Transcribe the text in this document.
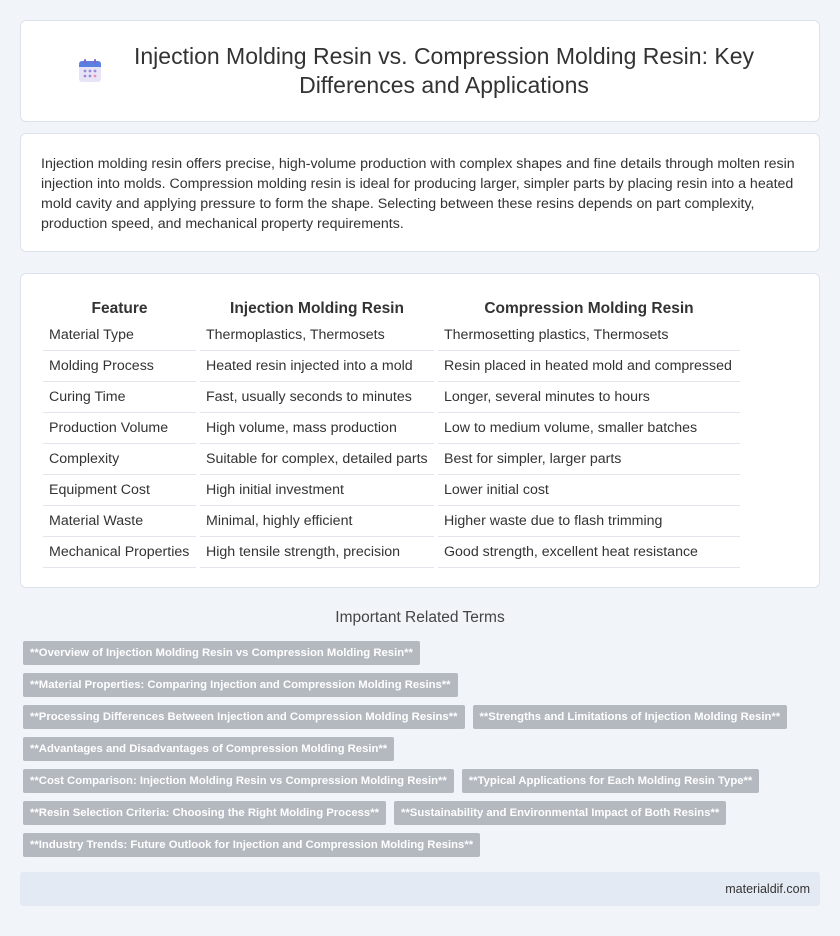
Injection Molding Resin vs. Compression Molding Resin: Key Differences and Applications

Injection molding resin offers precise, high-volume production with complex shapes and fine details through molten resin injection into molds. Compression molding resin is ideal for producing larger, simpler parts by placing resin into a heated mold cavity and applying pressure to form the shape. Selecting between these resins depends on part complexity, production speed, and mechanical property requirements.

Feature	Injection Molding Resin	Compression Molding Resin
Material Type	Thermoplastics, Thermosets	Thermosetting plastics, Thermosets
Molding Process	Heated resin injected into a mold	Resin placed in heated mold and compressed
Curing Time	Fast, usually seconds to minutes	Longer, several minutes to hours
Production Volume	High volume, mass production	Low to medium volume, smaller batches
Complexity	Suitable for complex, detailed parts	Best for simpler, larger parts
Equipment Cost	High initial investment	Lower initial cost
Material Waste	Minimal, highly efficient	Higher waste due to flash trimming
Mechanical Properties	High tensile strength, precision	Good strength, excellent heat resistance
Important Related Terms
**Overview of Injection Molding Resin vs Compression Molding Resin**
**Material Properties: Comparing Injection and Compression Molding Resins**
**Processing Differences Between Injection and Compression Molding Resins**	**Strengths and Limitations of Injection Molding Resin**
**Advantages and Disadvantages of Compression Molding Resin**
**Cost Comparison: Injection Molding Resin vs Compression Molding Resin**	**Typical Applications for Each Molding Resin Type**
**Resin Selection Criteria: Choosing the Right Molding Process**	**Sustainability and Environmental Impact of Both Resins**
**Industry Trends: Future Outlook for Injection and Compression Molding Resins**
materialdif.com
